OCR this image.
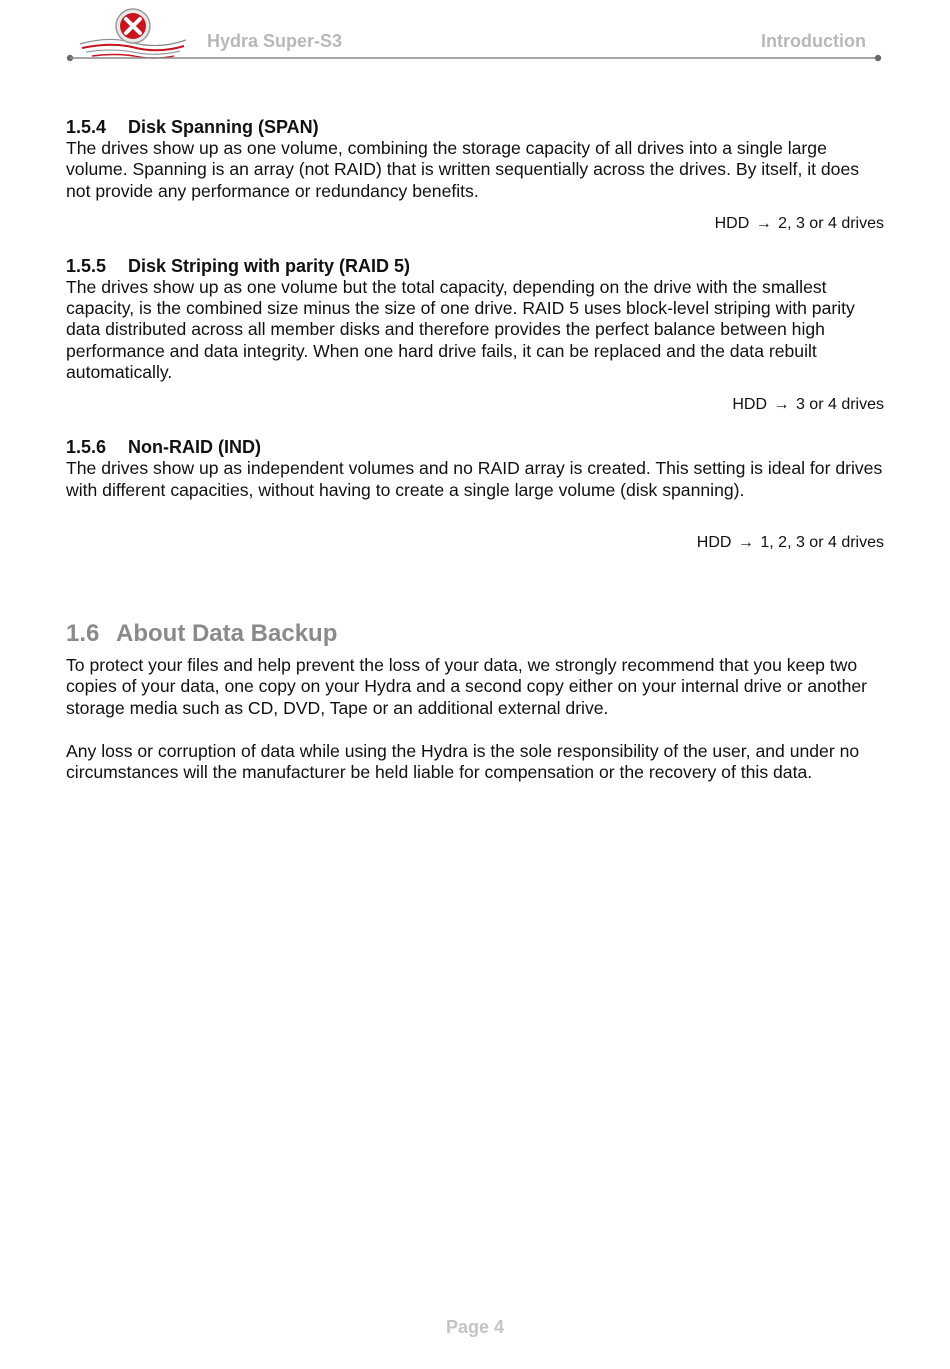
Hydra Super-S3	Introduction
1.5.4 Disk Spanning (SPAN)

The drives show up as one volume, combining the storage capacity of all drives into a single large volume. Spanning is an array (not RAID) that is written sequentially across the drives. By itself, it does not provide any performance or redundancy benefits.

HDD → 2, 3 or 4 drives

1.5.5 Disk Striping with parity (RAID 5)

The drives show up as one volume but the total capacity, depending on the drive with the smallest capacity, is the combined size minus the size of one drive. RAID 5 uses block-level striping with parity data distributed across all member disks and therefore provides the perfect balance between high performance and data integrity. When one hard drive fails, it can be replaced and the data rebuilt automatically.

HDD → 3 or 4 drives

1.5.6 Non-RAID (IND)

The drives show up as independent volumes and no RAID array is created. This setting is ideal for drives with different capacities, without having to create a single large volume (disk spanning).

HDD → 1, 2, 3 or 4 drives

1.6 About Data Backup

To protect your files and help prevent the loss of your data, we strongly recommend that you keep two copies of your data, one copy on your Hydra and a second copy either on your internal drive or another storage media such as CD, DVD, Tape or an additional external drive.

Any loss or corruption of data while using the Hydra is the sole responsibility of the user, and under no circumstances will the manufacturer be held liable for compensation or the recovery of this data.

Page 4
